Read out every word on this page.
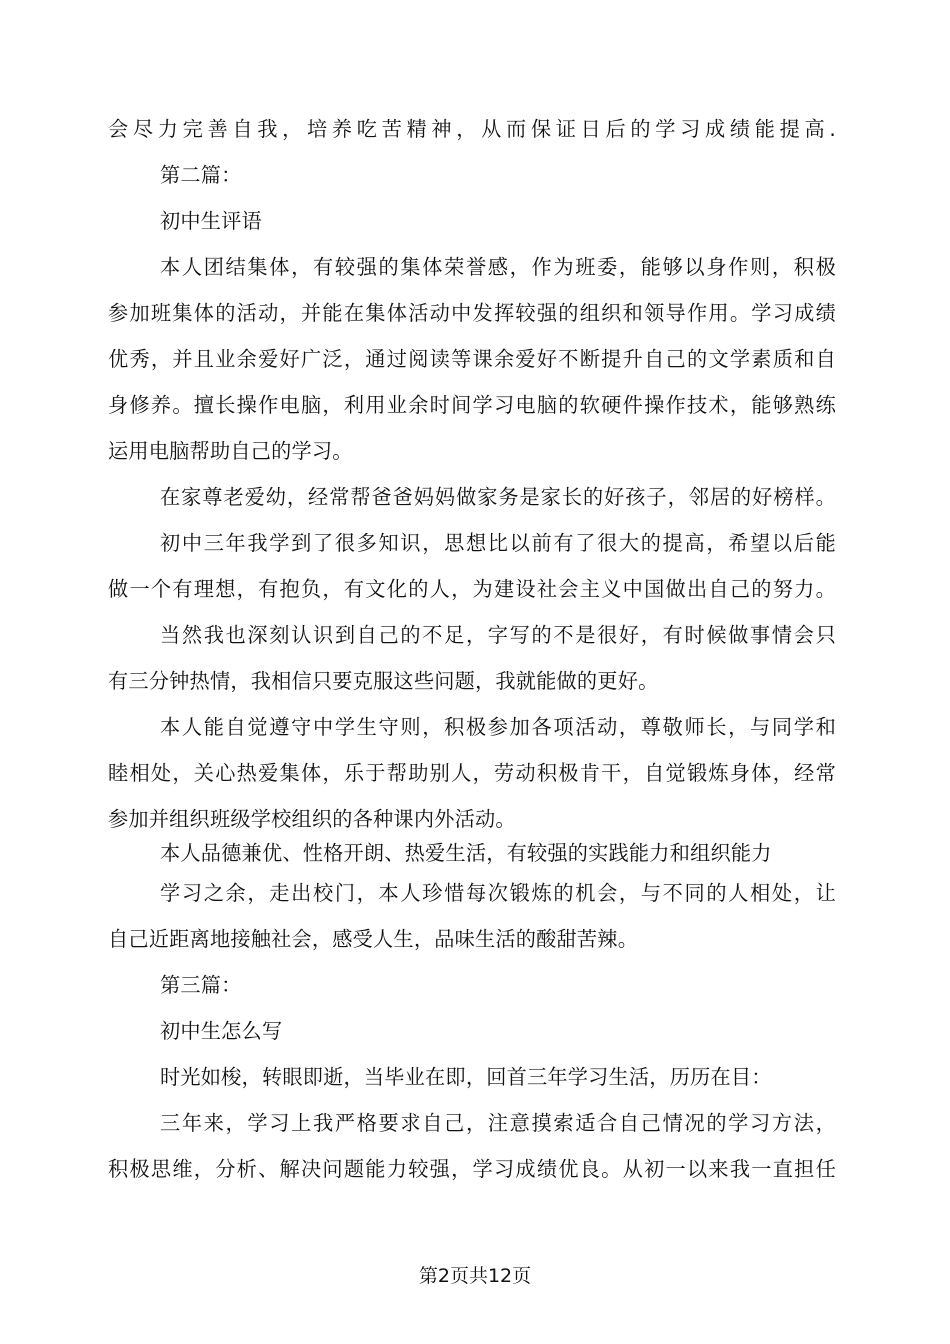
会尽力完善自我，培养吃苦精神，从而保证日后的学习成绩能提高.

第二篇：

初中生评语

本人团结集体，有较强的集体荣誉感，作为班委，能够以身作则，积极

参加班集体的活动，并能在集体活动中发挥较强的组织和领导作用。学习成绩

优秀，并且业余爱好广泛，通过阅读等课余爱好不断提升自己的文学素质和自

身修养。擅长操作电脑，利用业余时间学习电脑的软硬件操作技术，能够熟练

运用电脑帮助自己的学习。

在家尊老爱幼，经常帮爸爸妈妈做家务是家长的好孩子，邻居的好榜样。

初中三年我学到了很多知识，思想比以前有了很大的提高，希望以后能

做一个有理想，有抱负，有文化的人，为建设社会主义中国做出自己的努力。

当然我也深刻认识到自己的不足，字写的不是很好，有时候做事情会只

有三分钟热情，我相信只要克服这些问题，我就能做的更好。

本人能自觉遵守中学生守则，积极参加各项活动，尊敬师长，与同学和

睦相处，关心热爱集体，乐于帮助别人，劳动积极肯干，自觉锻炼身体，经常

参加并组织班级学校组织的各种课内外活动。

本人品德兼优、性格开朗、热爱生活，有较强的实践能力和组织能力

学习之余，走出校门，本人珍惜每次锻炼的机会，与不同的人相处，让

自己近距离地接触社会，感受人生，品味生活的酸甜苦辣。

第三篇：

初中生怎么写

时光如梭，转眼即逝，当毕业在即，回首三年学习生活，历历在目：

三年来，学习上我严格要求自己，注意摸索适合自己情况的学习方法，

积极思维，分析、解决问题能力较强，学习成绩优良。从初一以来我一直担任

第2页共12页
